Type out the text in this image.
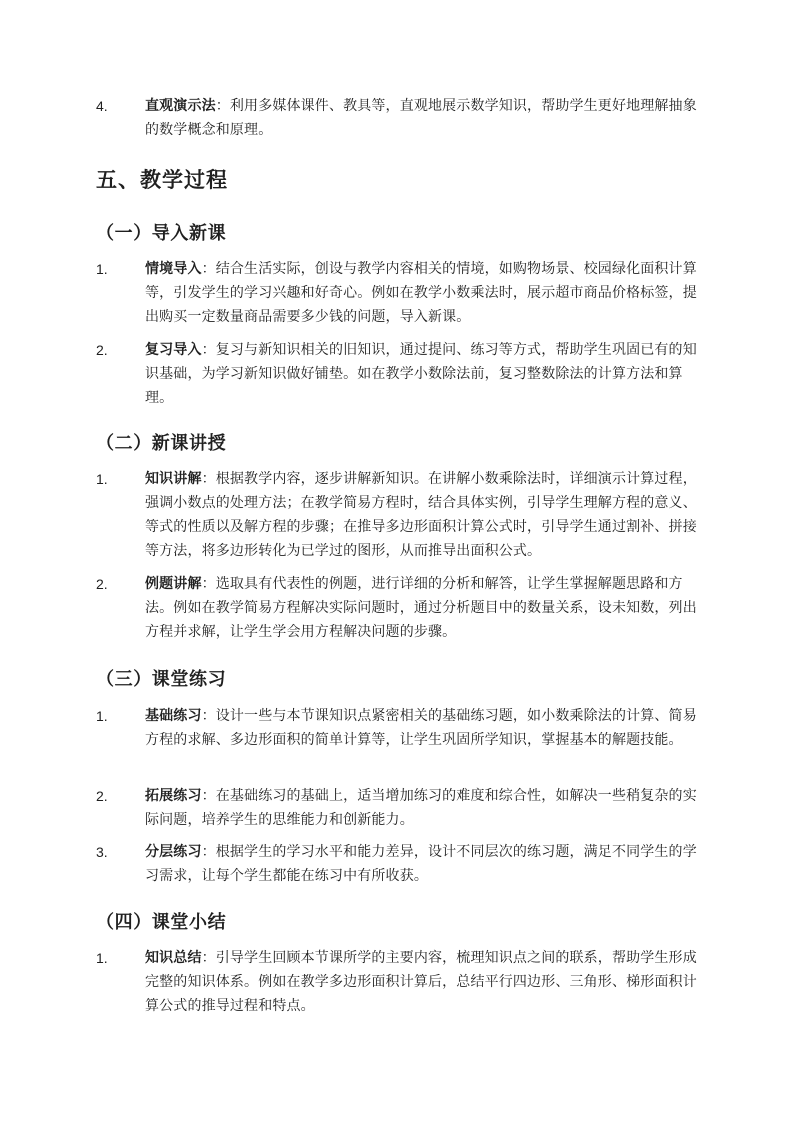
4.	直观演示法：利用多媒体课件、教具等，直观地展示数学知识，帮助学生更好地理解抽象的数学概念和原理。
五、教学过程
（一）导入新课
1.	情境导入：结合生活实际，创设与教学内容相关的情境，如购物场景、校园绿化面积计算等，引发学生的学习兴趣和好奇心。例如在教学小数乘法时，展示超市商品价格标签，提出购买一定数量商品需要多少钱的问题，导入新课。
2.	复习导入：复习与新知识相关的旧知识，通过提问、练习等方式，帮助学生巩固已有的知识基础，为学习新知识做好铺垫。如在教学小数除法前，复习整数除法的计算方法和算理。
（二）新课讲授
1.	知识讲解：根据教学内容，逐步讲解新知识。在讲解小数乘除法时，详细演示计算过程，强调小数点的处理方法；在教学简易方程时，结合具体实例，引导学生理解方程的意义、等式的性质以及解方程的步骤；在推导多边形面积计算公式时，引导学生通过割补、拼接等方法，将多边形转化为已学过的图形，从而推导出面积公式。
2.	例题讲解：选取具有代表性的例题，进行详细的分析和解答，让学生掌握解题思路和方法。例如在教学简易方程解决实际问题时，通过分析题目中的数量关系，设未知数，列出方程并求解，让学生学会用方程解决问题的步骤。
（三）课堂练习
1.	基础练习：设计一些与本节课知识点紧密相关的基础练习题，如小数乘除法的计算、简易方程的求解、多边形面积的简单计算等，让学生巩固所学知识，掌握基本的解题技能。
2.	拓展练习：在基础练习的基础上，适当增加练习的难度和综合性，如解决一些稍复杂的实际问题，培养学生的思维能力和创新能力。
3.	分层练习：根据学生的学习水平和能力差异，设计不同层次的练习题，满足不同学生的学习需求，让每个学生都能在练习中有所收获。
（四）课堂小结
1.	知识总结：引导学生回顾本节课所学的主要内容，梳理知识点之间的联系，帮助学生形成完整的知识体系。例如在教学多边形面积计算后，总结平行四边形、三角形、梯形面积计算公式的推导过程和特点。
